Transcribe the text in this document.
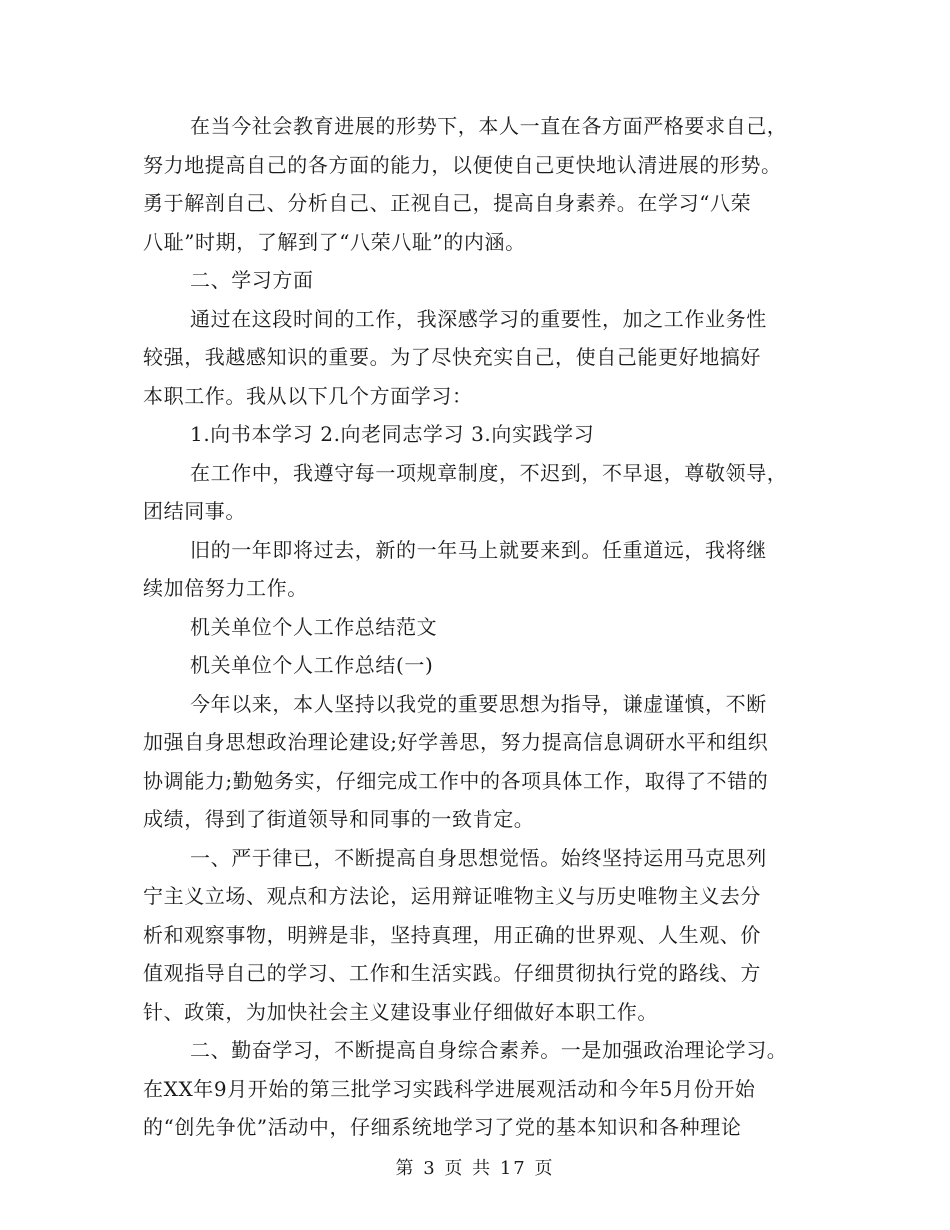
在当今社会教育进展的形势下，本人一直在各方面严格要求自己，
努力地提高自己的各方面的能力，以便使自己更快地认清进展的形势。
勇于解剖自己、分析自己、正视自己，提高自身素养。在学习“八荣
八耻”时期，了解到了“八荣八耻”的内涵。
二、学习方面
通过在这段时间的工作，我深感学习的重要性，加之工作业务性
较强，我越感知识的重要。为了尽快充实自己，使自己能更好地搞好
本职工作。我从以下几个方面学习：
1.向书本学习 2.向老同志学习 3.向实践学习
在工作中，我遵守每一项规章制度，不迟到，不早退，尊敬领导，
团结同事。
旧的一年即将过去，新的一年马上就要来到。任重道远，我将继
续加倍努力工作。
机关单位个人工作总结范文
机关单位个人工作总结(一)
今年以来，本人坚持以我党的重要思想为指导，谦虚谨慎，不断
加强自身思想政治理论建设;好学善思，努力提高信息调研水平和组织
协调能力;勤勉务实，仔细完成工作中的各项具体工作，取得了不错的
成绩，得到了街道领导和同事的一致肯定。
一、严于律已，不断提高自身思想觉悟。始终坚持运用马克思列
宁主义立场、观点和方法论，运用辩证唯物主义与历史唯物主义去分
析和观察事物，明辨是非，坚持真理，用正确的世界观、人生观、价
值观指导自己的学习、工作和生活实践。仔细贯彻执行党的路线、方
针、政策，为加快社会主义建设事业仔细做好本职工作。
二、勤奋学习，不断提高自身综合素养。一是加强政治理论学习。
在XX年9月开始的第三批学习实践科学进展观活动和今年5月份开始
的“创先争优”活动中，仔细系统地学习了党的基本知识和各种理论
第 3 页 共 17 页
